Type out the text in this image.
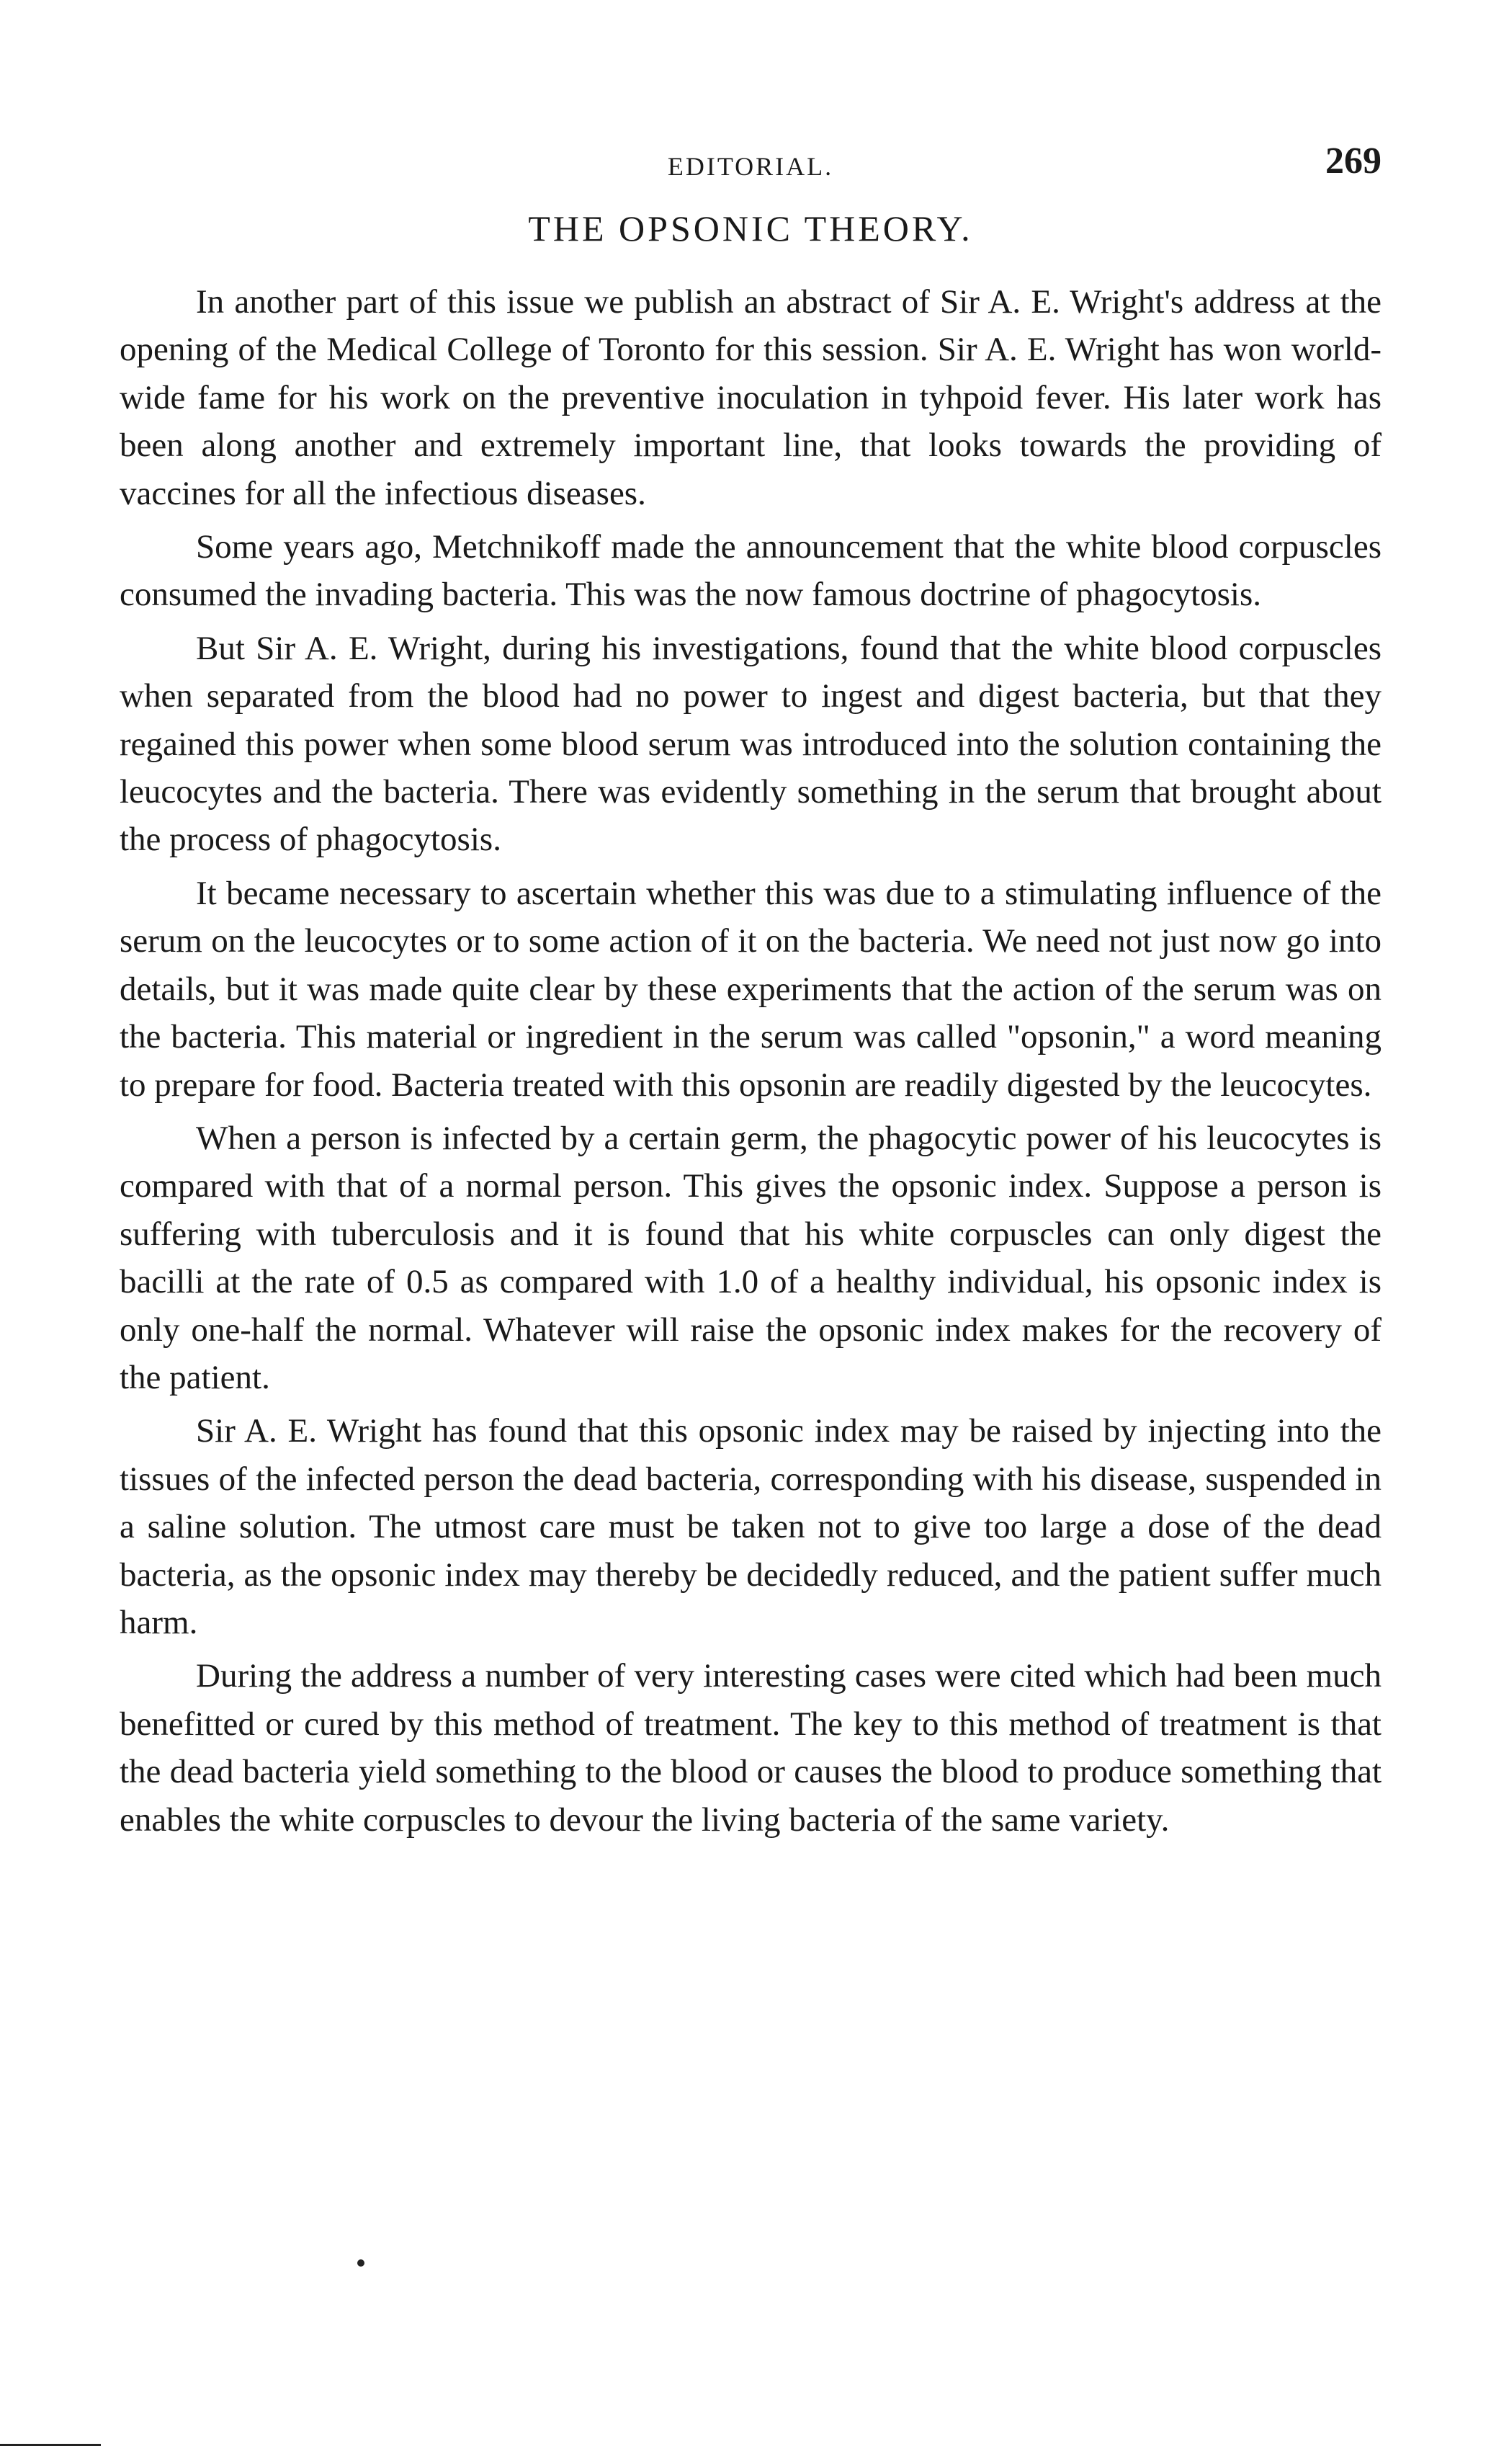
EDITORIAL.	269
THE OPSONIC THEORY.

In another part of this issue we publish an abstract of Sir A. E. Wright's address at the opening of the Medical College of Toronto for this session. Sir A. E. Wright has won world-wide fame for his work on the preventive inoculation in tyhpoid fever. His later work has been along another and extremely important line, that looks towards the providing of vaccines for all the infectious diseases.

Some years ago, Metchnikoff made the announcement that the white blood corpuscles consumed the invading bacteria. This was the now famous doctrine of phagocytosis.

But Sir A. E. Wright, during his investigations, found that the white blood corpuscles when separated from the blood had no power to ingest and digest bacteria, but that they regained this power when some blood serum was introduced into the solution containing the leucocytes and the bacteria. There was evidently something in the serum that brought about the process of phagocytosis.

It became necessary to ascertain whether this was due to a stimulating influence of the serum on the leucocytes or to some action of it on the bacteria. We need not just now go into details, but it was made quite clear by these experiments that the action of the serum was on the bacteria. This material or ingredient in the serum was called "opsonin," a word meaning to prepare for food. Bacteria treated with this opsonin are readily digested by the leucocytes.

When a person is infected by a certain germ, the phagocytic power of his leucocytes is compared with that of a normal person. This gives the opsonic index. Suppose a person is suffering with tuberculosis and it is found that his white corpuscles can only digest the bacilli at the rate of 0.5 as compared with 1.0 of a healthy individual, his opsonic index is only one-half the normal. Whatever will raise the opsonic index makes for the recovery of the patient.

Sir A. E. Wright has found that this opsonic index may be raised by injecting into the tissues of the infected person the dead bacteria, corresponding with his disease, suspended in a saline solution. The utmost care must be taken not to give too large a dose of the dead bacteria, as the opsonic index may thereby be decidedly reduced, and the patient suffer much harm.

During the address a number of very interesting cases were cited which had been much benefitted or cured by this method of treatment. The key to this method of treatment is that the dead bacteria yield something to the blood or causes the blood to produce something that enables the white corpuscles to devour the living bacteria of the same variety.
